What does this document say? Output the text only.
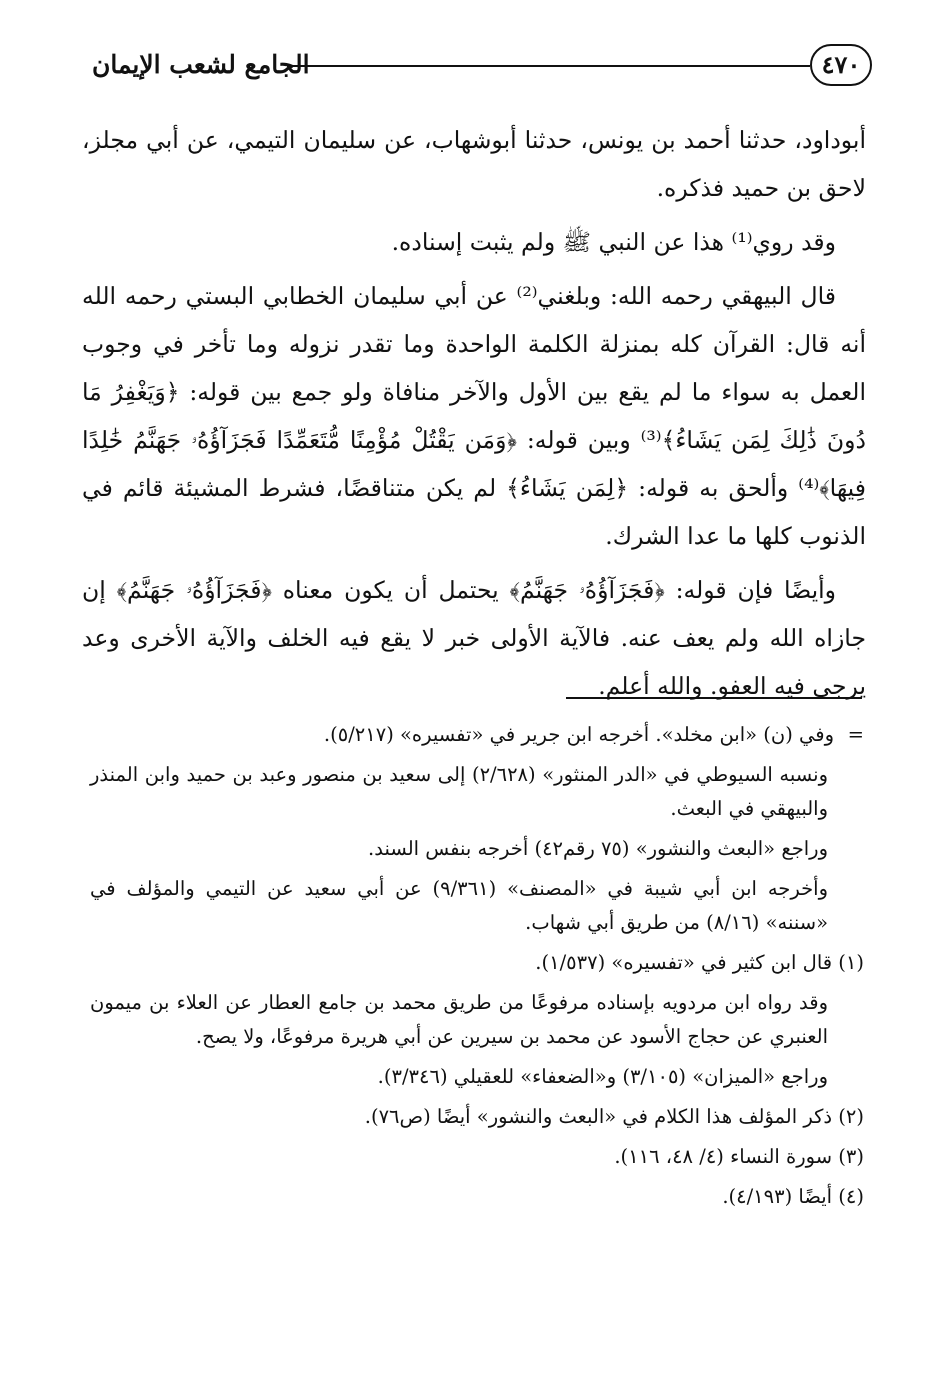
٤٧٠
الجامع لشعب الإيمان

أبوداود، حدثنا أحمد بن يونس، حدثنا أبوشهاب، عن سليمان التيمي، عن أبي مجلز، لاحق بن حميد فذكره.

وقد روي⁽¹⁾ هذا عن النبي ﷺ ولم يثبت إسناده.

قال البيهقي رحمه الله: وبلغني⁽²⁾ عن أبي سليمان الخطابي البستي رحمه الله أنه قال: القرآن كله بمنزلة الكلمة الواحدة وما تقدر نزوله وما تأخر في وجوب العمل به سواء ما لم يقع بين الأول والآخر منافاة ولو جمع بين قوله: ﴿وَيَغْفِرُ مَا دُونَ ذَٰلِكَ لِمَن يَشَاءُ﴾⁽³⁾ وبين قوله: ﴿وَمَن يَقْتُلْ مُؤْمِنًا مُّتَعَمِّدًا فَجَزَآؤُهُۥ جَهَنَّمُ خَٰلِدًا فِيهَا﴾⁽⁴⁾ وألحق به قوله: ﴿لِمَن يَشَاءُ﴾ لم يكن متناقضًا، فشرط المشيئة قائم في الذنوب كلها ما عدا الشرك.

وأيضًا فإن قوله: ﴿فَجَزَآؤُهُۥ جَهَنَّمُ﴾ يحتمل أن يكون معناه ﴿فَجَزَآؤُهُۥ جَهَنَّمُ﴾ إن جازاه الله ولم يعف عنه. فالآية الأولى خبر لا يقع فيه الخلف والآية الأخرى وعد يرجى فيه العفو. والله أعلم.

=وفي (ن) «ابن مخلد». أخرجه ابن جرير في «تفسيره» (٥/٢١٧).

ونسبه السيوطي في «الدر المنثور» (٢/٦٢٨) إلى سعيد بن منصور وعبد بن حميد وابن المنذر والبيهقي في البعث.

وراجع «البعث والنشور» (٧٥ رقم٤٢) أخرجه بنفس السند.

وأخرجه ابن أبي شيبة في «المصنف» (٩/٣٦١) عن أبي سعيد عن التيمي والمؤلف في «سننه» (٨/١٦) من طريق أبي شهاب.

(١) قال ابن كثير في «تفسيره» (١/٥٣٧).

وقد رواه ابن مردويه بإسناده مرفوعًا من طريق محمد بن جامع العطار عن العلاء بن ميمون العنبري عن حجاج الأسود عن محمد بن سيرين عن أبي هريرة مرفوعًا، ولا يصح.

وراجع «الميزان» (٣/١٠٥) و«الضعفاء» للعقيلي (٣/٣٤٦).

(٢) ذكر المؤلف هذا الكلام في «البعث والنشور» أيضًا (ص٧٦).

(٣) سورة النساء (٤/ ٤٨، ١١٦).

(٤) أيضًا (٤/١٩٣).
